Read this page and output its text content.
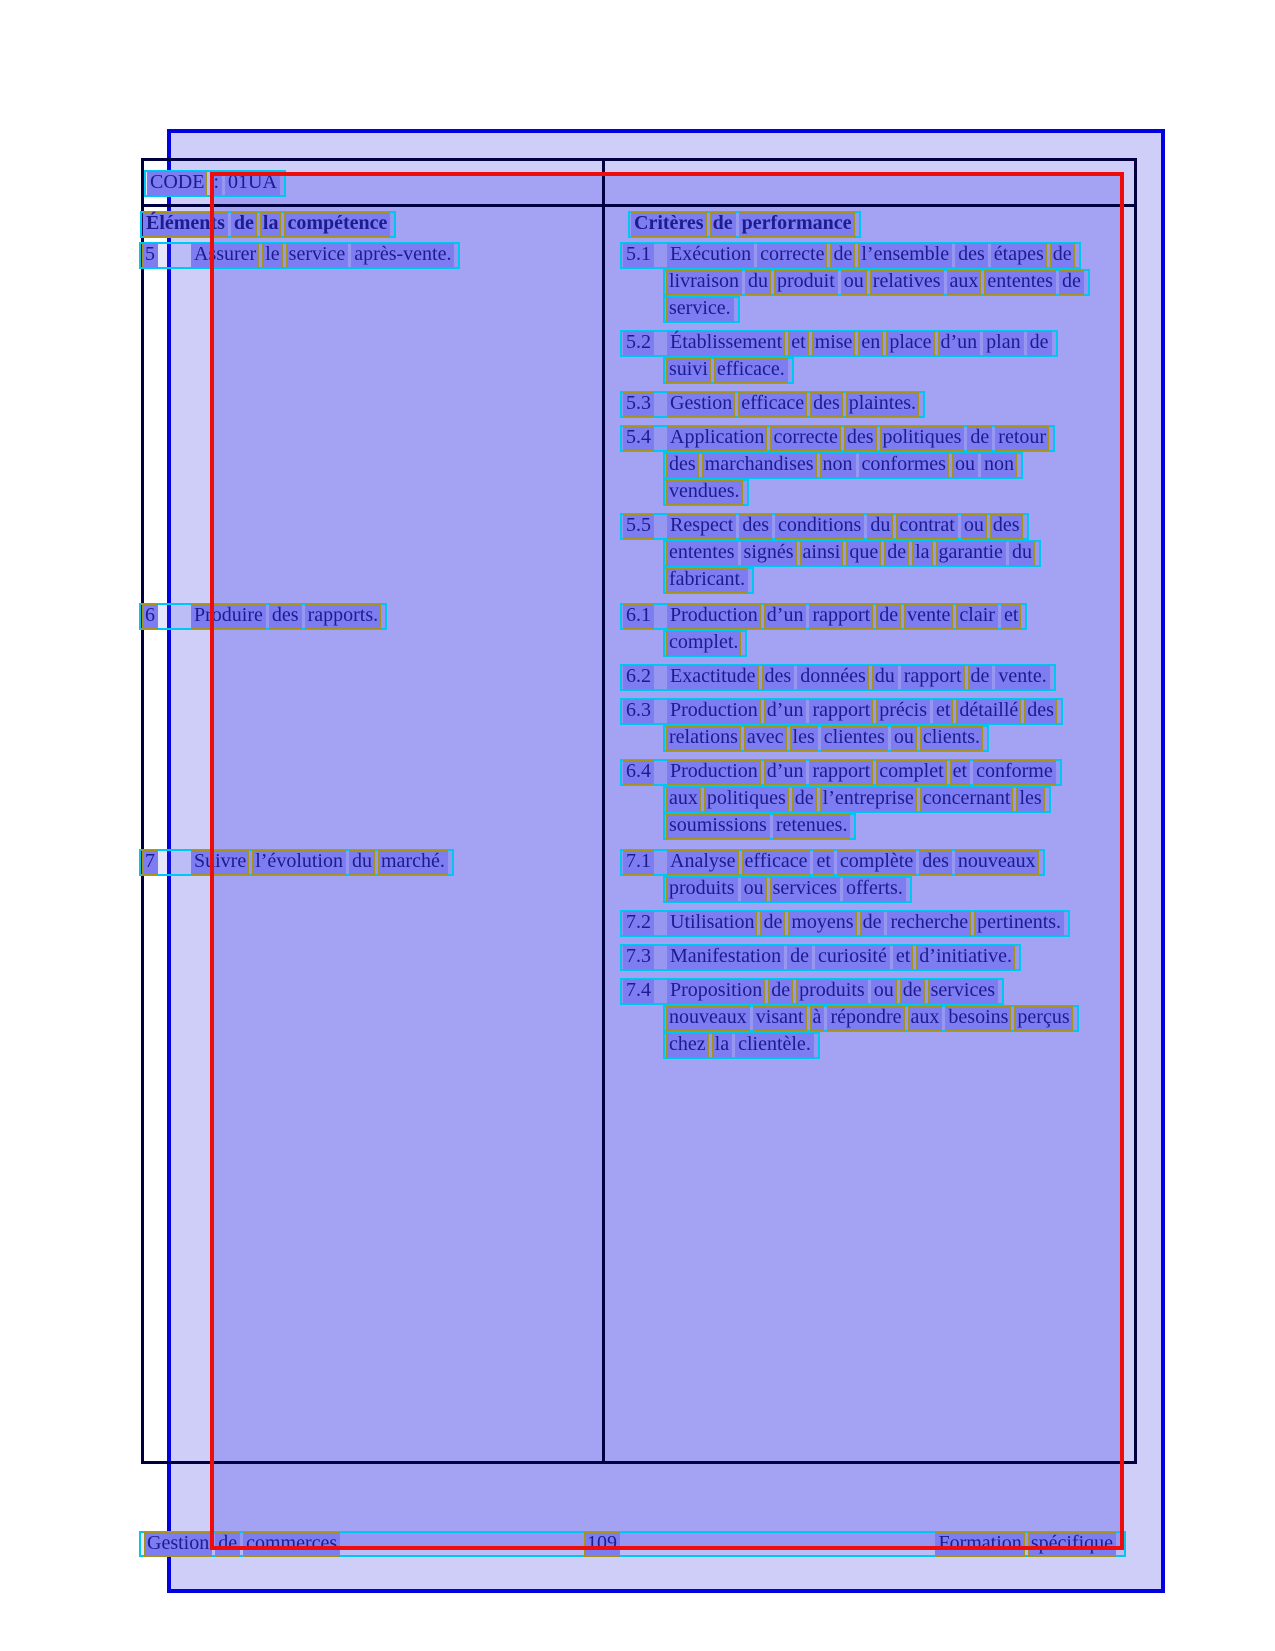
CODE : 01UA
Éléments de la compétence	Critères de performance
5 Assurer le service après-vente.	5.1 Exécution correcte de l’ensemble des étapes de
livraison du produit ou relatives aux ententes de
service.
5.2 Établissement et mise en place d’un plan de
suivi efficace.
5.3 Gestion efficace des plaintes.
5.4 Application correcte des politiques de retour
des marchandises non conformes ou non
vendues.
5.5 Respect des conditions du contrat ou des
ententes signés ainsi que de la garantie du
fabricant.
6 Produire des rapports.	6.1 Production d’un rapport de vente clair et
complet.
6.2 Exactitude des données du rapport de vente.
6.3 Production d’un rapport précis et détaillé des
relations avec les clientes ou clients.
6.4 Production d’un rapport complet et conforme
aux politiques de l’entreprise concernant les
soumissions retenues.
7 Suivre l’évolution du marché.	7.1 Analyse efficace et complète des nouveaux
produits ou services offerts.
7.2 Utilisation de moyens de recherche pertinents.
7.3 Manifestation de curiosité et d’initiative.
7.4 Proposition de produits ou de services
nouveaux visant à répondre aux besoins perçus
chez la clientèle.
Gestion de commerces	109	Formation spécifique
